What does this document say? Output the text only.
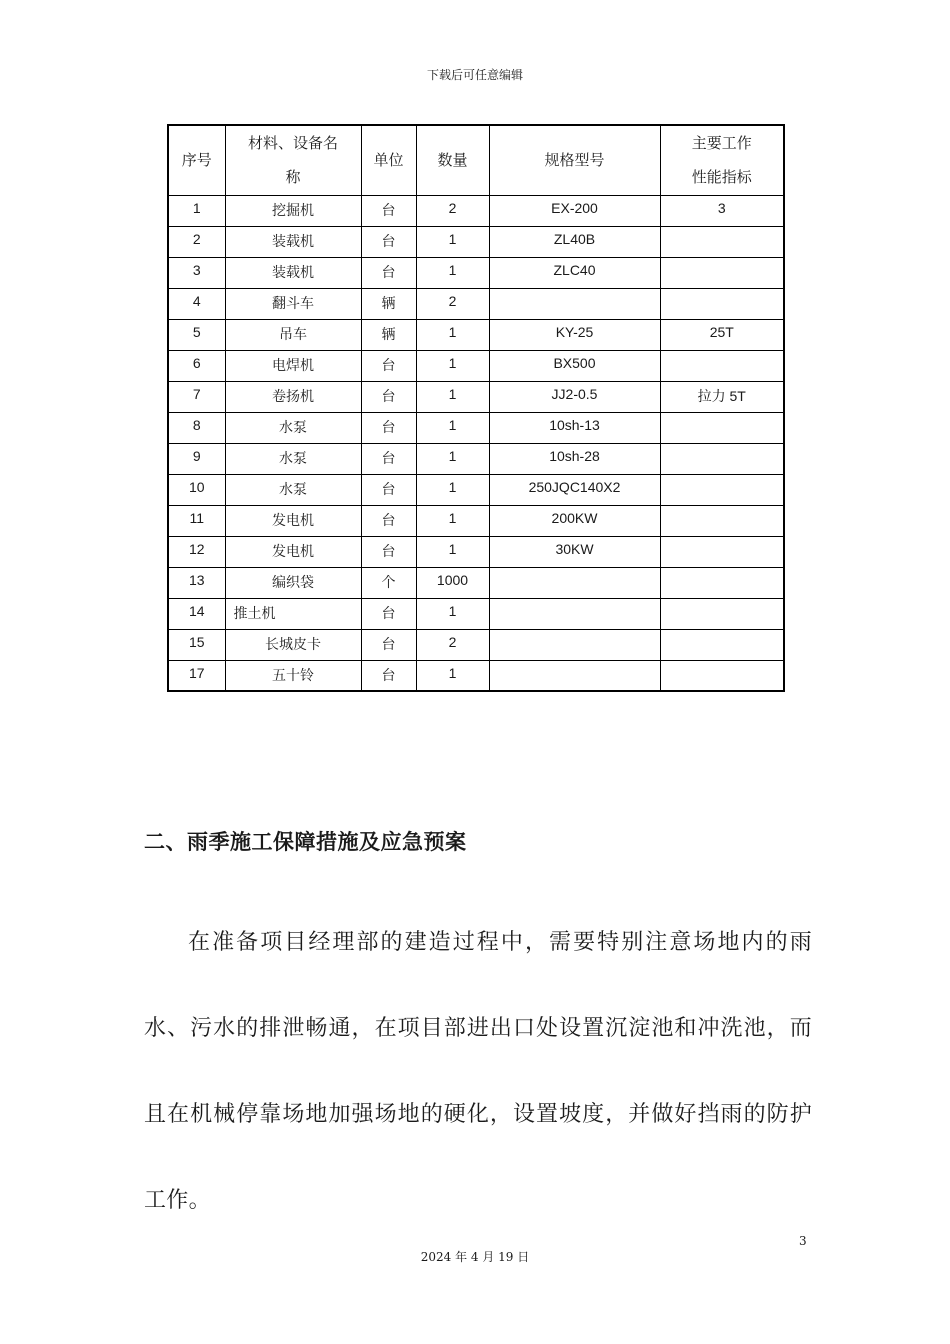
下载后可任意编辑
序号	材料、设备名称	单位	数量	规格型号	主要工作性能指标
1	挖掘机	台	2	EX-200	3
2	装载机	台	1	ZL40B	
3	装载机	台	1	ZLC40	
4	翻斗车	辆	2		
5	吊车	辆	1	KY-25	25T
6	电焊机	台	1	BX500	
7	卷扬机	台	1	JJ2-0.5	拉力 5T
8	水泵	台	1	10sh-13	
9	水泵	台	1	10sh-28	
10	水泵	台	1	250JQC140X2	
11	发电机	台	1	200KW	
12	发电机	台	1	30KW	
13	编织袋	个	1000		
14	推土机	台	1		
15	长城皮卡	台	2		
17	五十铃	台	1		
二、雨季施工保障措施及应急预案
在准备项目经理部的建造过程中，需要特别注意场地内的雨水、污水的排泄畅通，在项目部进出口处设置沉淀池和冲洗池，而且在机械停靠场地加强场地的硬化，设置坡度，并做好挡雨的防护工作。
3
2024 年 4 月 19 日
